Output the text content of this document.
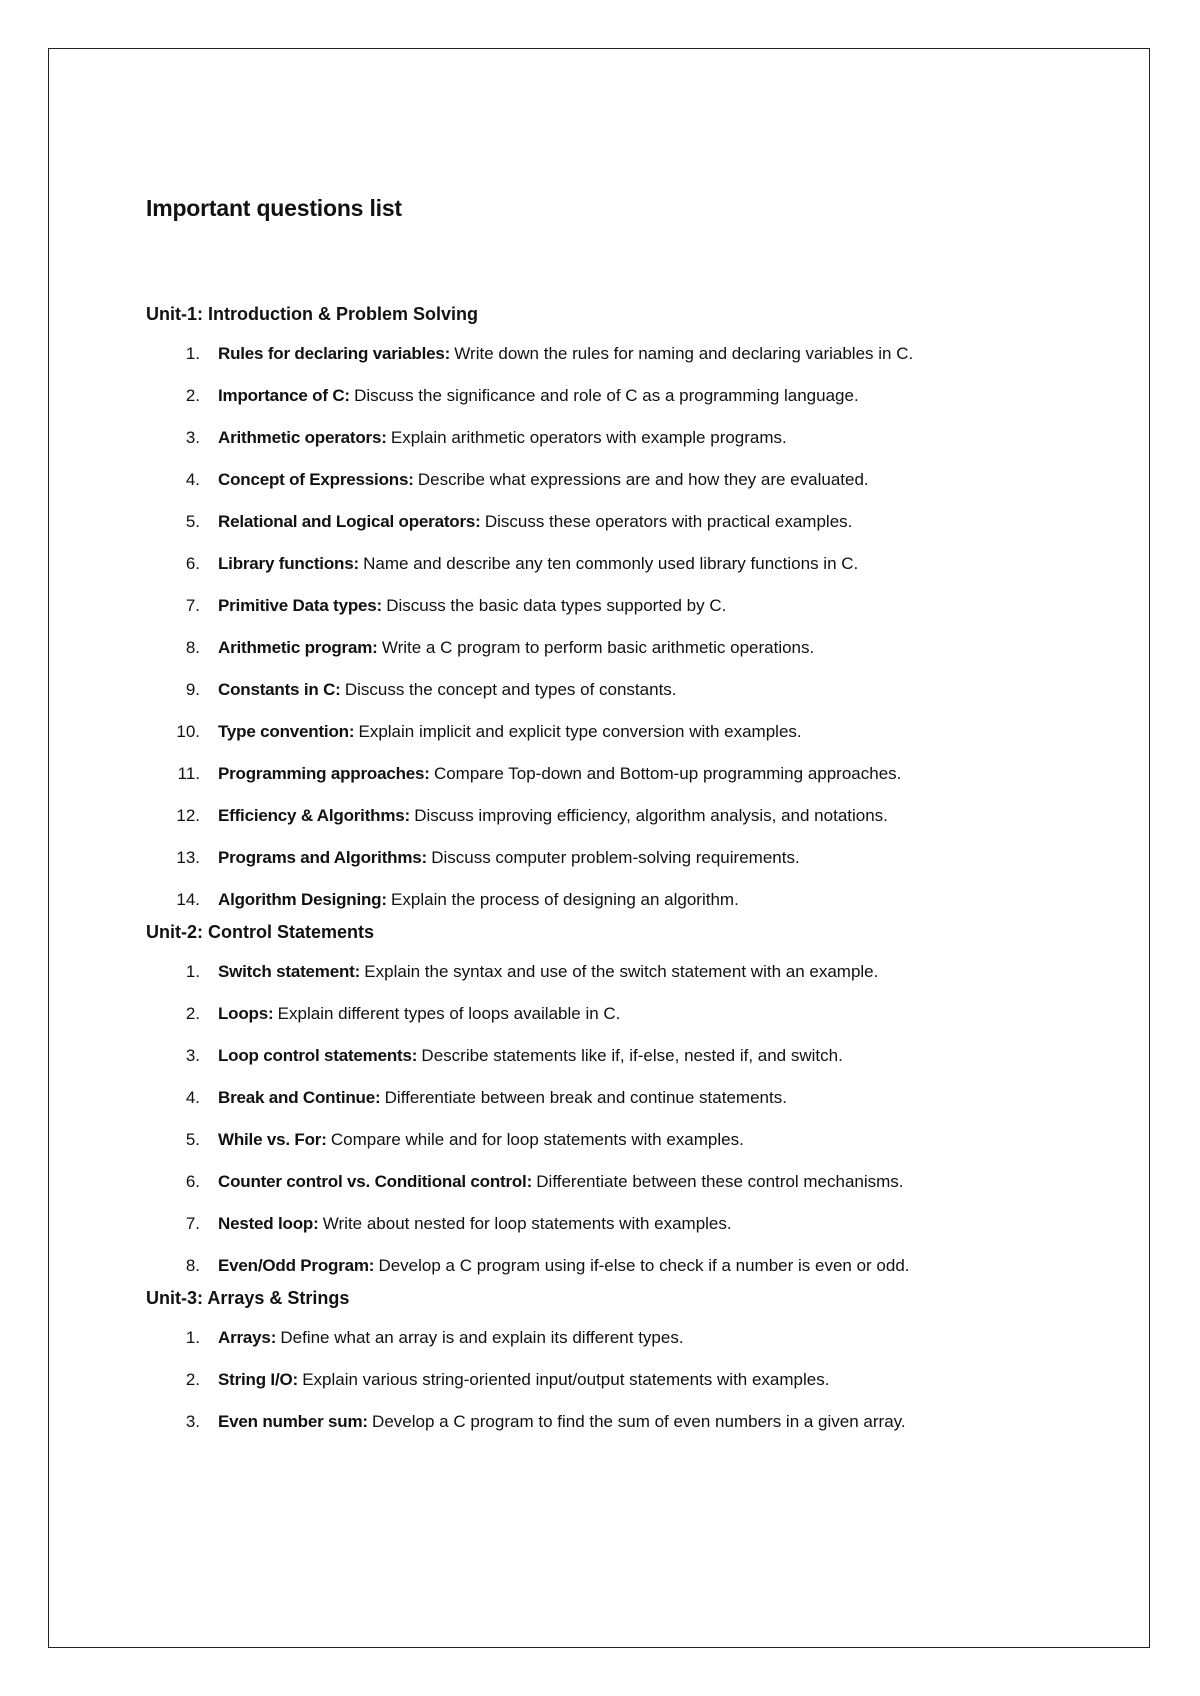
Important questions list
Unit-1: Introduction & Problem Solving
1. Rules for declaring variables: Write down the rules for naming and declaring variables in C.
2. Importance of C: Discuss the significance and role of C as a programming language.
3. Arithmetic operators: Explain arithmetic operators with example programs.
4. Concept of Expressions: Describe what expressions are and how they are evaluated.
5. Relational and Logical operators: Discuss these operators with practical examples.
6. Library functions: Name and describe any ten commonly used library functions in C.
7. Primitive Data types: Discuss the basic data types supported by C.
8. Arithmetic program: Write a C program to perform basic arithmetic operations.
9. Constants in C: Discuss the concept and types of constants.
10. Type convention: Explain implicit and explicit type conversion with examples.
11. Programming approaches: Compare Top-down and Bottom-up programming approaches.
12. Efficiency & Algorithms: Discuss improving efficiency, algorithm analysis, and notations.
13. Programs and Algorithms: Discuss computer problem-solving requirements.
14. Algorithm Designing: Explain the process of designing an algorithm.
Unit-2: Control Statements
1. Switch statement: Explain the syntax and use of the switch statement with an example.
2. Loops: Explain different types of loops available in C.
3. Loop control statements: Describe statements like if, if-else, nested if, and switch.
4. Break and Continue: Differentiate between break and continue statements.
5. While vs. For: Compare while and for loop statements with examples.
6. Counter control vs. Conditional control: Differentiate between these control mechanisms.
7. Nested loop: Write about nested for loop statements with examples.
8. Even/Odd Program: Develop a C program using if-else to check if a number is even or odd.
Unit-3: Arrays & Strings
1. Arrays: Define what an array is and explain its different types.
2. String I/O: Explain various string-oriented input/output statements with examples.
3. Even number sum: Develop a C program to find the sum of even numbers in a given array.
